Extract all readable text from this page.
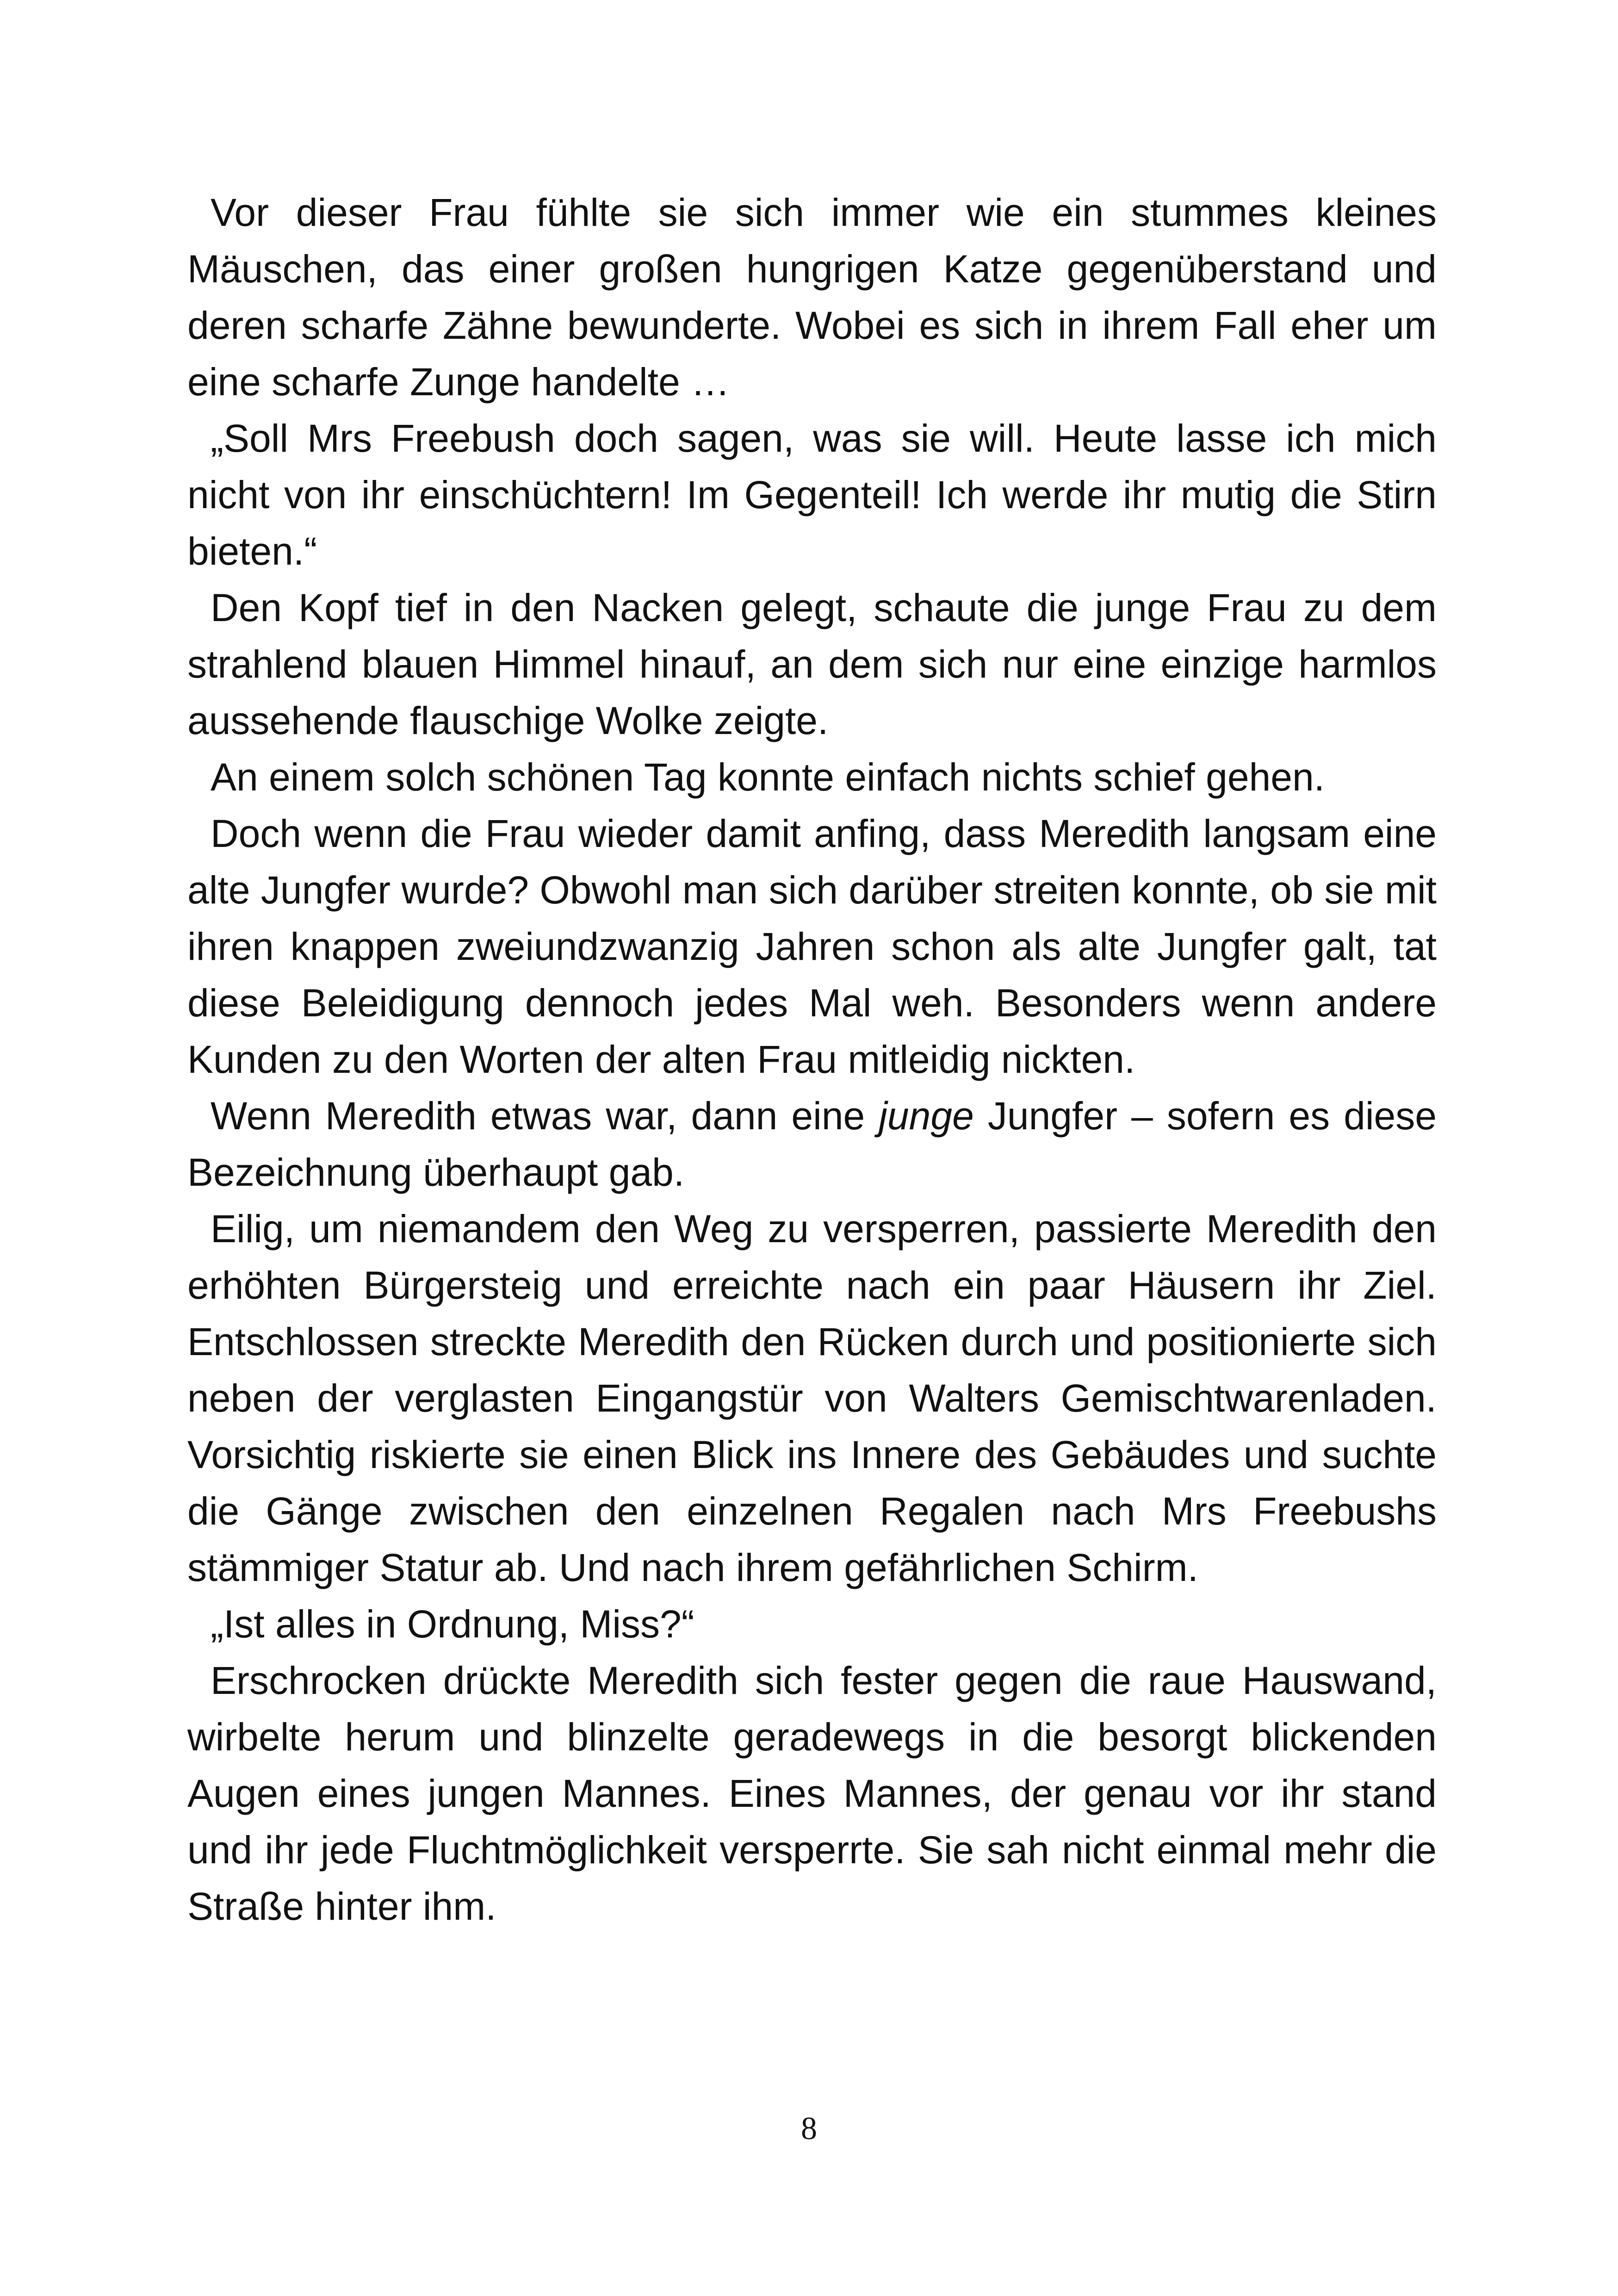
Vor dieser Frau fühlte sie sich immer wie ein stummes kleines Mäuschen, das einer großen hungrigen Katze gegenüberstand und deren scharfe Zähne bewunderte. Wobei es sich in ihrem Fall eher um eine scharfe Zunge handelte …

„Soll Mrs Freebush doch sagen, was sie will. Heute lasse ich mich nicht von ihr einschüchtern! Im Gegenteil! Ich werde ihr mutig die Stirn bieten.“

Den Kopf tief in den Nacken gelegt, schaute die junge Frau zu dem strahlend blauen Himmel hinauf, an dem sich nur eine einzige harmlos aussehende flauschige Wolke zeigte.

An einem solch schönen Tag konnte einfach nichts schief gehen.

Doch wenn die Frau wieder damit anfing, dass Meredith langsam eine alte Jungfer wurde? Obwohl man sich darüber streiten konnte, ob sie mit ihren knappen zweiundzwanzig Jahren schon als alte Jungfer galt, tat diese Beleidigung dennoch jedes Mal weh. Besonders wenn andere Kunden zu den Worten der alten Frau mitleidig nickten.

Wenn Meredith etwas war, dann eine junge Jungfer – sofern es diese Bezeichnung überhaupt gab.

Eilig, um niemandem den Weg zu versperren, passierte Meredith den erhöhten Bürgersteig und erreichte nach ein paar Häusern ihr Ziel. Entschlossen streckte Meredith den Rücken durch und positionierte sich neben der verglasten Eingangstür von Walters Gemischtwarenladen. Vorsichtig riskierte sie einen Blick ins Innere des Gebäudes und suchte die Gänge zwischen den einzelnen Regalen nach Mrs Freebushs stämmiger Statur ab. Und nach ihrem gefährlichen Schirm.

„Ist alles in Ordnung, Miss?“

Erschrocken drückte Meredith sich fester gegen die raue Hauswand, wirbelte herum und blinzelte geradewegs in die besorgt blickenden Augen eines jungen Mannes. Eines Mannes, der genau vor ihr stand und ihr jede Fluchtmöglichkeit versperrte. Sie sah nicht einmal mehr die Straße hinter ihm.

8
